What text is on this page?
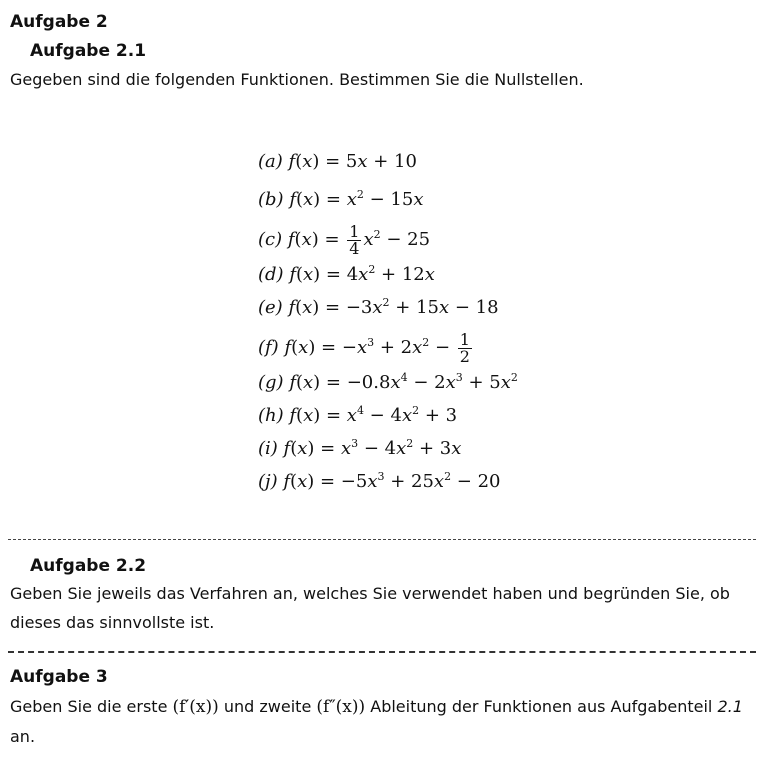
Aufgabe 2
Aufgabe 2.1
Gegeben sind die folgenden Funktionen. Bestimmen Sie die Nullstellen.
(a) f(x) = 5x + 10
(b) $f(x) = x^2 - 15x$
(c) $f(x) = \frac{1}{4} x^2 - 25$
(d) $f(x) = 4x^2 + 12x$
(e) $f(x) = -3x^2 + 15x - 18$
(f) $f(x) = -x^3 + 2x^2 - \frac{1}{2}$
(g) $f(x) = -0.8x^4 - 2x^3 + 5x^2$
(h) $f(x) = x^4 - 4x^2 + 3$
(i) $f(x) = x^3 - 4x^2 + 3x$
(j) $f(x) = -5x^3 + 25x^2 - 20$
Aufgabe 2.2
Geben Sie jeweils das Verfahren an, welches Sie verwendet haben und begründen Sie, ob dieses das sinnvollste ist.
Aufgabe 3
Geben Sie die erste (f′(x)) und zweite (f″(x)) Ableitung der Funktionen aus Aufgabenteil 2.1 an.
